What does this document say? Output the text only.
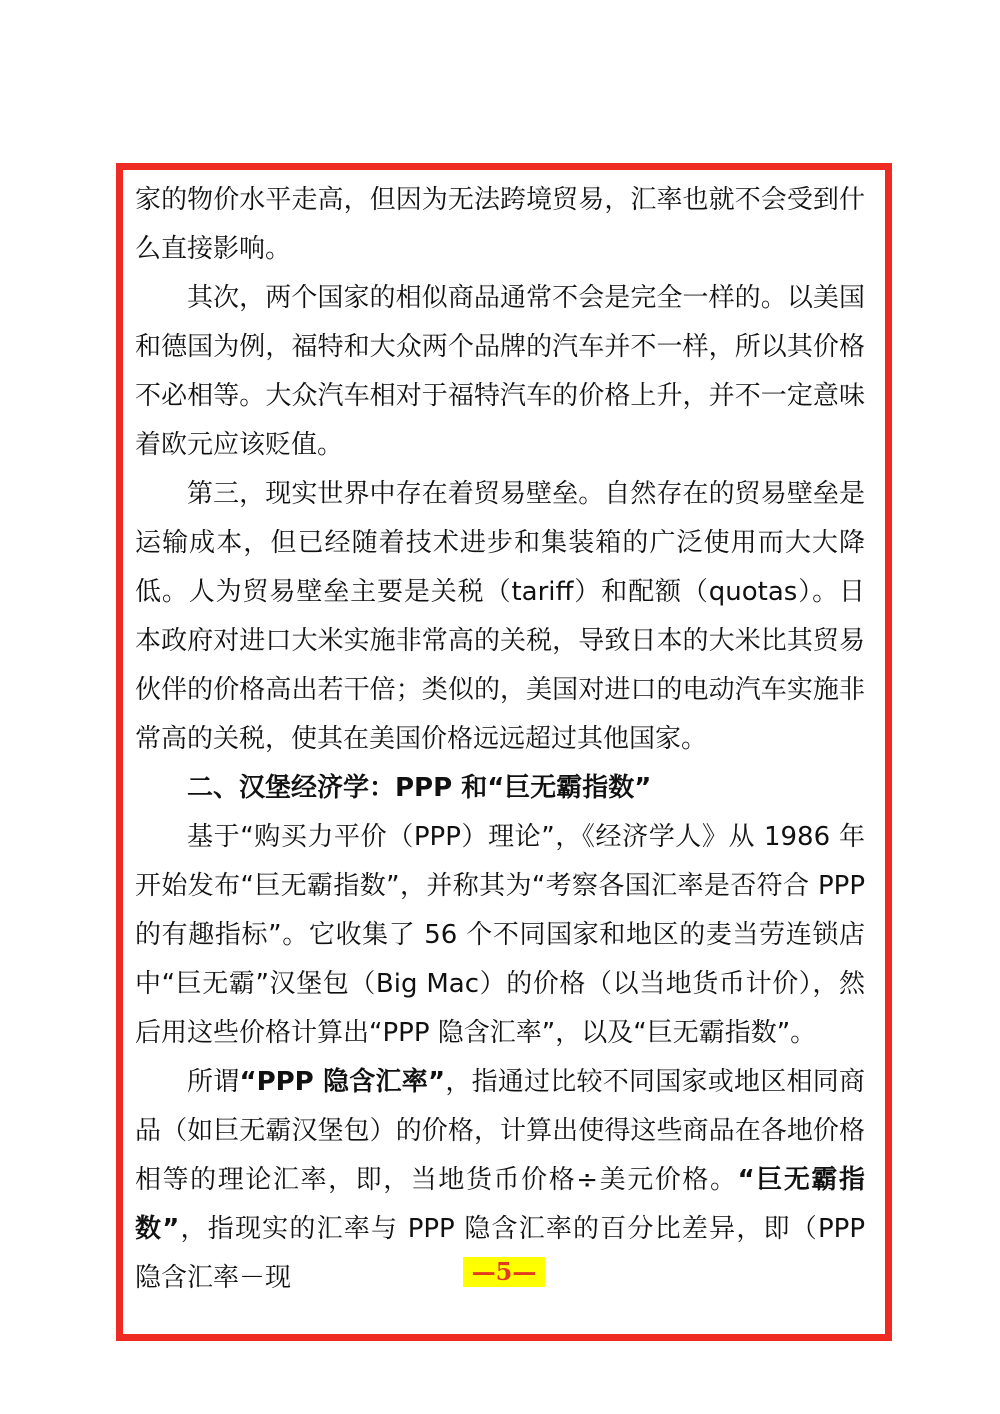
家的物价水平走高，但因为无法跨境贸易，汇率也就不会受到什么直接影响。

其次，两个国家的相似商品通常不会是完全一样的。以美国和德国为例，福特和大众两个品牌的汽车并不一样，所以其价格不必相等。大众汽车相对于福特汽车的价格上升，并不一定意味着欧元应该贬值。

第三，现实世界中存在着贸易壁垒。自然存在的贸易壁垒是运输成本，但已经随着技术进步和集装箱的广泛使用而大大降低。人为贸易壁垒主要是关税（tariff）和配额（quotas）。日本政府对进口大米实施非常高的关税，导致日本的大米比其贸易伙伴的价格高出若干倍；类似的，美国对进口的电动汽车实施非常高的关税，使其在美国价格远远超过其他国家。

二、汉堡经济学：PPP 和“巨无霸指数”

基于“购买力平价（PPP）理论”，《经济学人》从 1986 年开始发布“巨无霸指数”，并称其为“考察各国汇率是否符合 PPP 的有趣指标”。它收集了 56 个不同国家和地区的麦当劳连锁店中“巨无霸”汉堡包（Big Mac）的价格（以当地货币计价），然后用这些价格计算出“PPP 隐含汇率”，以及“巨无霸指数”。

所谓“PPP 隐含汇率”，指通过比较不同国家或地区相同商品（如巨无霸汉堡包）的价格，计算出使得这些商品在各地价格相等的理论汇率，即，当地货币价格÷美元价格。“巨无霸指数”，指现实的汇率与 PPP 隐含汇率的百分比差异，即（PPP 隐含汇率－现	—5—
